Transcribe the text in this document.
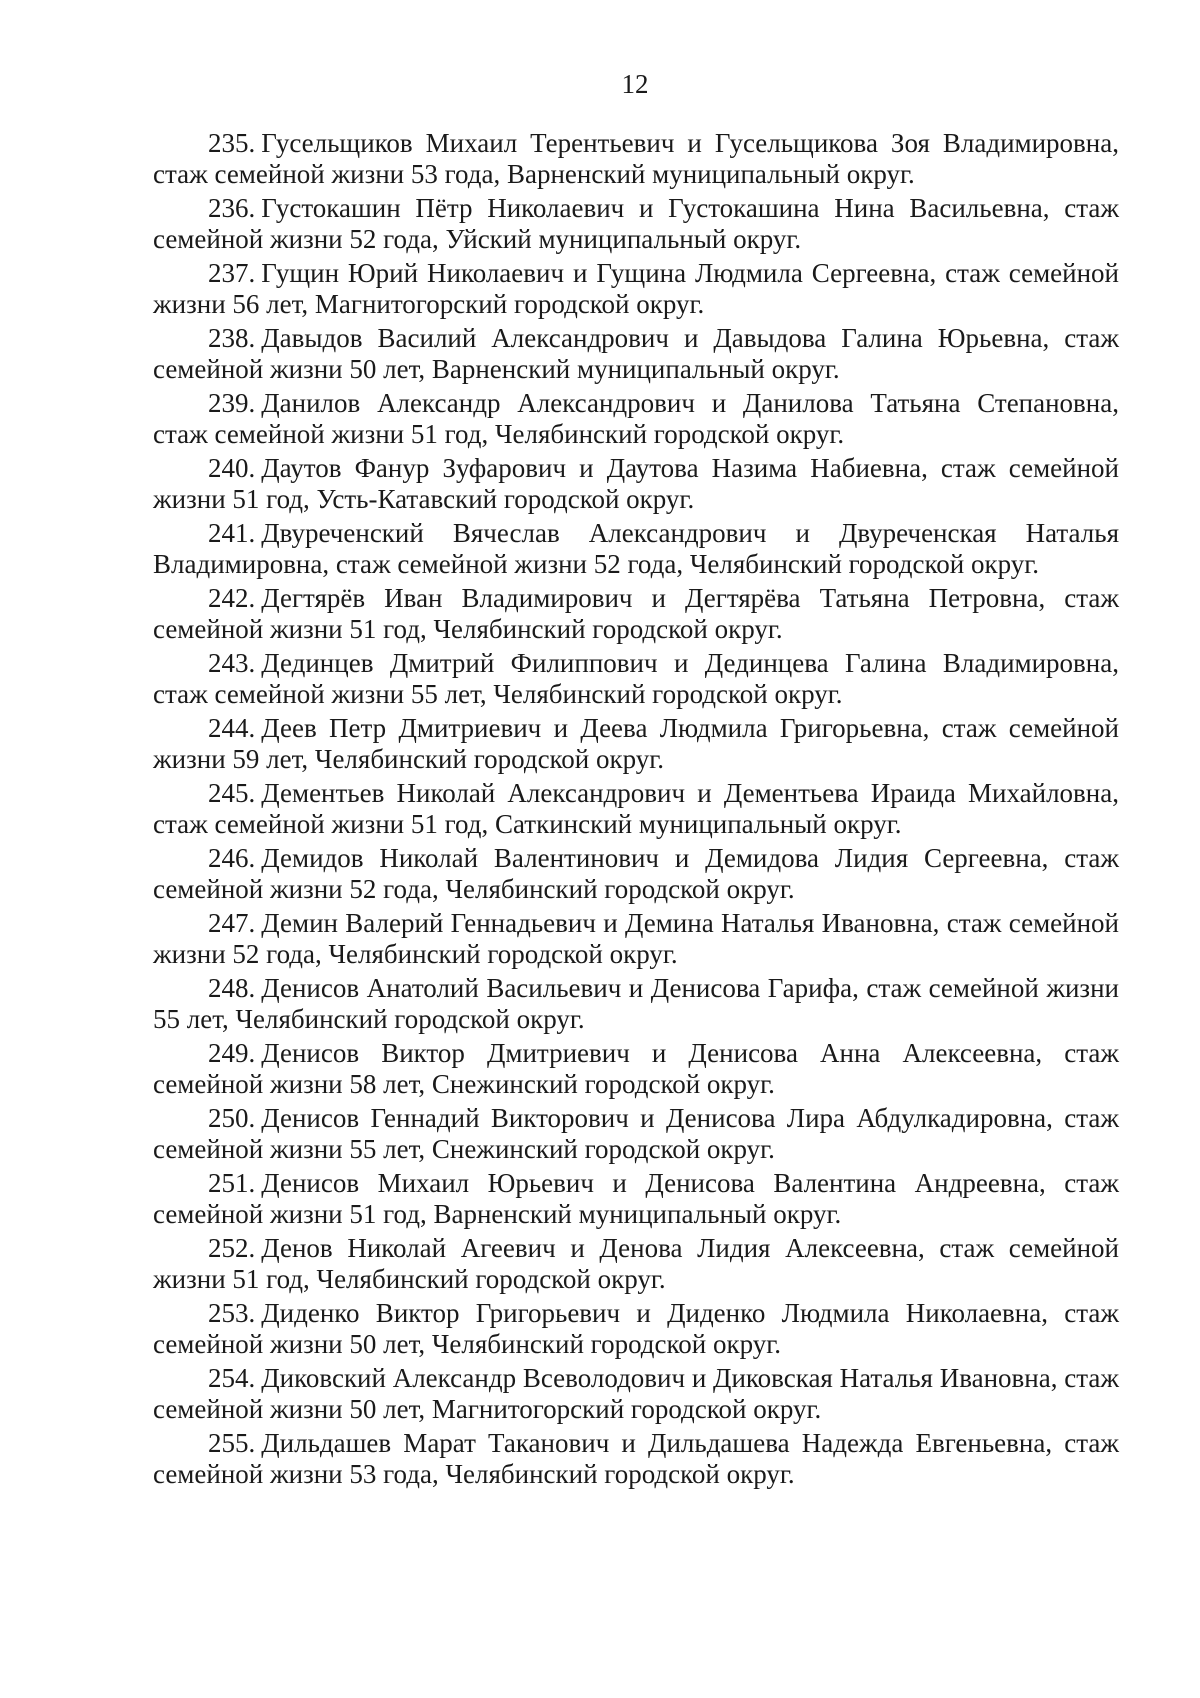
12

235. Гусельщиков Михаил Терентьевич и Гусельщикова Зоя Владимировна, стаж семейной жизни 53 года, Варненский муниципальный округ.

236. Густокашин Пётр Николаевич и Густокашина Нина Васильевна, стаж семейной жизни 52 года, Уйский муниципальный округ.

237. Гущин Юрий Николаевич и Гущина Людмила Сергеевна, стаж семейной жизни 56 лет, Магнитогорский городской округ.

238. Давыдов Василий Александрович и Давыдова Галина Юрьевна, стаж семейной жизни 50 лет, Варненский муниципальный округ.

239. Данилов Александр Александрович и Данилова Татьяна Степановна, стаж семейной жизни 51 год, Челябинский городской округ.

240. Даутов Фанур Зуфарович и Даутова Назима Набиевна, стаж семейной жизни 51 год, Усть-Катавский городской округ.

241. Двуреченский Вячеслав Александрович и Двуреченская Наталья Владимировна, стаж семейной жизни 52 года, Челябинский городской округ.

242. Дегтярёв Иван Владимирович и Дегтярёва Татьяна Петровна, стаж семейной жизни 51 год, Челябинский городской округ.

243. Дединцев Дмитрий Филиппович и Дединцева Галина Владимировна, стаж семейной жизни 55 лет, Челябинский городской округ.

244. Деев Петр Дмитриевич и Деева Людмила Григорьевна, стаж семейной жизни 59 лет, Челябинский городской округ.

245. Дементьев Николай Александрович и Дементьева Ираида Михайловна, стаж семейной жизни 51 год, Саткинский муниципальный округ.

246. Демидов Николай Валентинович и Демидова Лидия Сергеевна, стаж семейной жизни 52 года, Челябинский городской округ.

247. Демин Валерий Геннадьевич и Демина Наталья Ивановна, стаж семейной жизни 52 года, Челябинский городской округ.

248. Денисов Анатолий Васильевич и Денисова Гарифа, стаж семейной жизни 55 лет, Челябинский городской округ.

249. Денисов Виктор Дмитриевич и Денисова Анна Алексеевна, стаж семейной жизни 58 лет, Снежинский городской округ.

250. Денисов Геннадий Викторович и Денисова Лира Абдулкадировна, стаж семейной жизни 55 лет, Снежинский городской округ.

251. Денисов Михаил Юрьевич и Денисова Валентина Андреевна, стаж семейной жизни 51 год, Варненский муниципальный округ.

252. Денов Николай Агеевич и Денова Лидия Алексеевна, стаж семейной жизни 51 год, Челябинский городской округ.

253. Диденко Виктор Григорьевич и Диденко Людмила Николаевна, стаж семейной жизни 50 лет, Челябинский городской округ.

254. Диковский Александр Всеволодович и Диковская Наталья Ивановна, стаж семейной жизни 50 лет, Магнитогорский городской округ.

255. Дильдашев Марат Таканович и Дильдашева Надежда Евгеньевна, стаж семейной жизни 53 года, Челябинский городской округ.
